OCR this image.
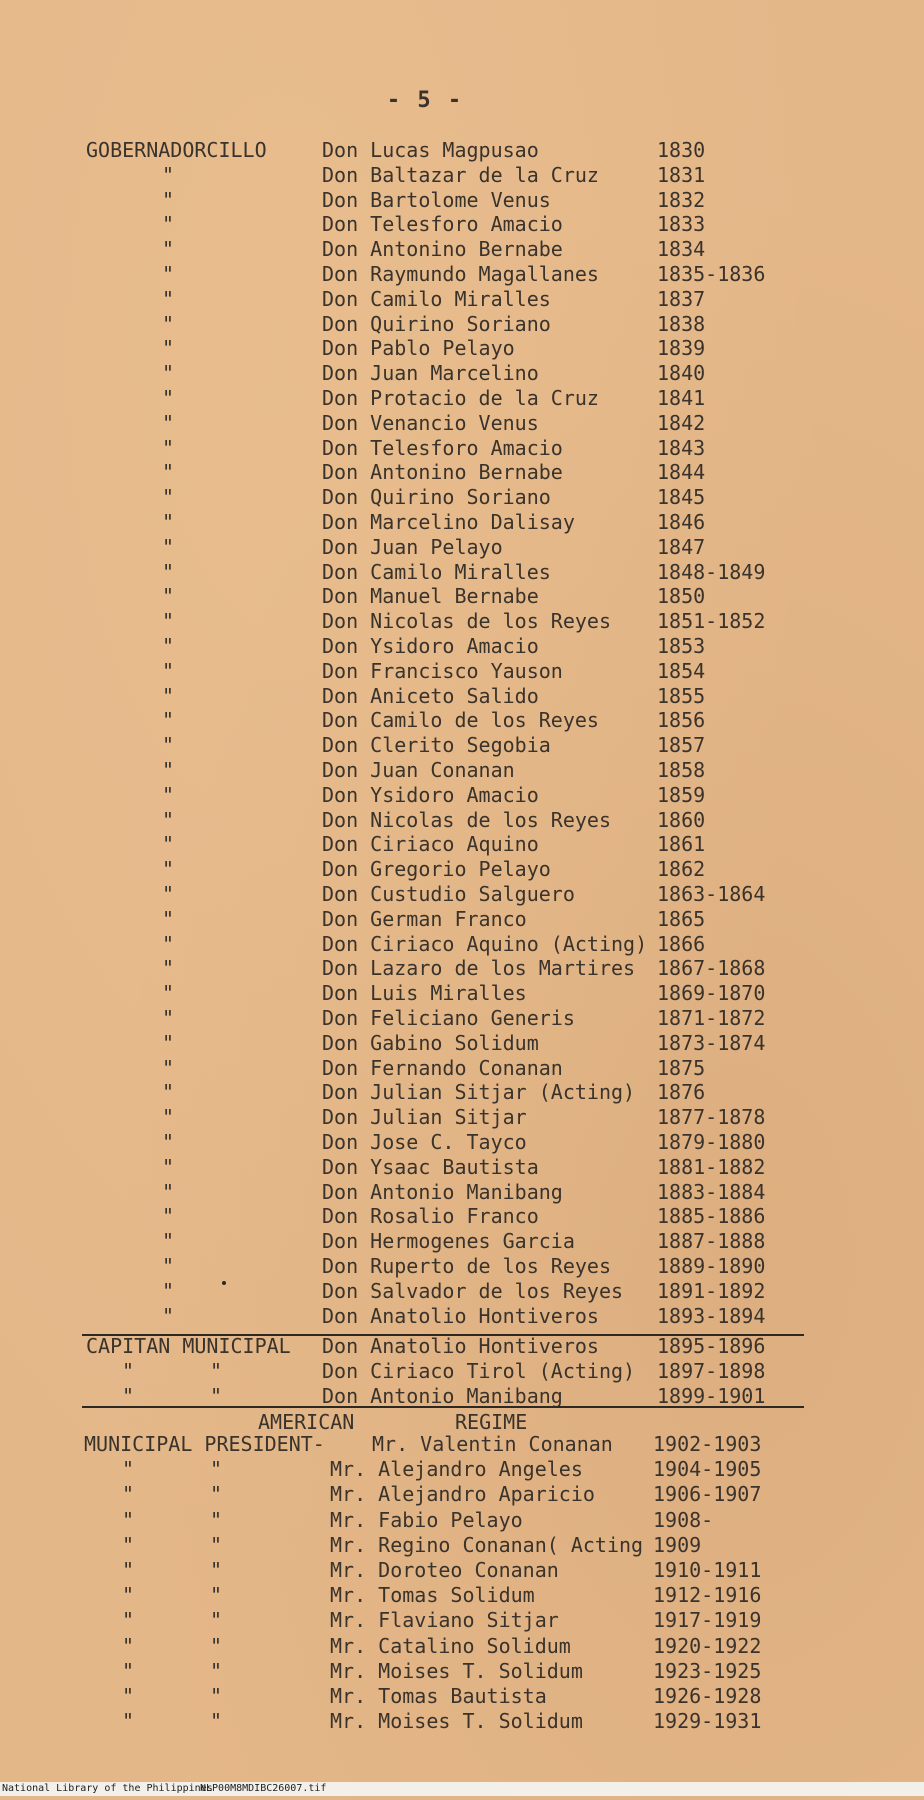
- 5 -
GOBERNADORCILLO	Don Lucas Magpusao	1830
"	Don Baltazar de la Cruz	1831
"	Don Bartolome Venus	1832
"	Don Telesforo Amacio	1833
"	Don Antonino Bernabe	1834
"	Don Raymundo Magallanes	1835-1836
"	Don Camilo Miralles	1837
"	Don Quirino Soriano	1838
"	Don Pablo Pelayo	1839
"	Don Juan Marcelino	1840
"	Don Protacio de la Cruz	1841
"	Don Venancio Venus	1842
"	Don Telesforo Amacio	1843
"	Don Antonino Bernabe	1844
"	Don Quirino Soriano	1845
"	Don Marcelino Dalisay	1846
"	Don Juan Pelayo	1847
"	Don Camilo Miralles	1848-1849
"	Don Manuel Bernabe	1850
"	Don Nicolas de los Reyes 1851-1852
"	Don Ysidoro Amacio	1853
"	Don Francisco Yauson	1854
"	Don Aniceto Salido	1855
"	Don Camilo de los Reyes	1856
"	Don Clerito Segobia	1857
"	Don Juan Conanan	1858
"	Don Ysidoro Amacio	1859
"	Don Nicolas de los Reyes 1860
"	Don Ciriaco Aquino	1861
"	Don Gregorio Pelayo	1862
"	Don Custudio Salguero	1863-1864
"	Don German Franco	1865
"	Don Ciriaco Aquino (Acting) 1866
"	Don Lazaro de los Martires 1867-1868
"	Don Luis Miralles	1869-1870
"	Don Feliciano Generis	1871-1872
"	Don Gabino Solidum	1873-1874
"	Don Fernando Conanan	1875
"	Don Julian Sitjar (Acting) 1876
"	Don Julian Sitjar	1877-1878
"	Don Jose C. Tayco	1879-1880
"	Don Ysaac Bautista	1881-1882
"	Don Antonio Manibang	1883-1884
"	Don Rosalio Franco	1885-1886
"	Don Hermogenes Garcia	1887-1888
"	Don Ruperto de los Reyes 1889-1890
"	Don Salvador de los Reyes 1891-1892
"	Don Anatolio Hontiveros	1893-1894
CAPITAN MUNICIPAL Don Anatolio Hontiveros	1895-1896
"	"	Don Ciriaco Tirol (Acting) 1897-1898
"	"	Don Antonio Manibang	1899-1901
AMERICAN	REGIME
MUNICIPAL PRESIDENT- Mr. Valentin Conanan 1902-1903
"	"	Mr. Alejandro Angeles	1904-1905
"	"	Mr. Alejandro Aparicio	1906-1907
"	"	Mr. Fabio Pelayo	1908-
"	"	Mr. Regino Conanan( Acting 1909
"	"	Mr. Doroteo Conanan	1910-1911
"	"	Mr. Tomas Solidum	1912-1916
"	"	Mr. Flaviano Sitjar	1917-1919
"	"	Mr. Catalino Solidum	1920-1922
"	"	Mr. Moises T. Solidum	1923-1925
"	"	Mr. Tomas Bautista	1926-1928
"	"	Mr. Moises T. Solidum	1929-1931
National Library of the Philippines
NLP00M8MDIBC26007.tif
